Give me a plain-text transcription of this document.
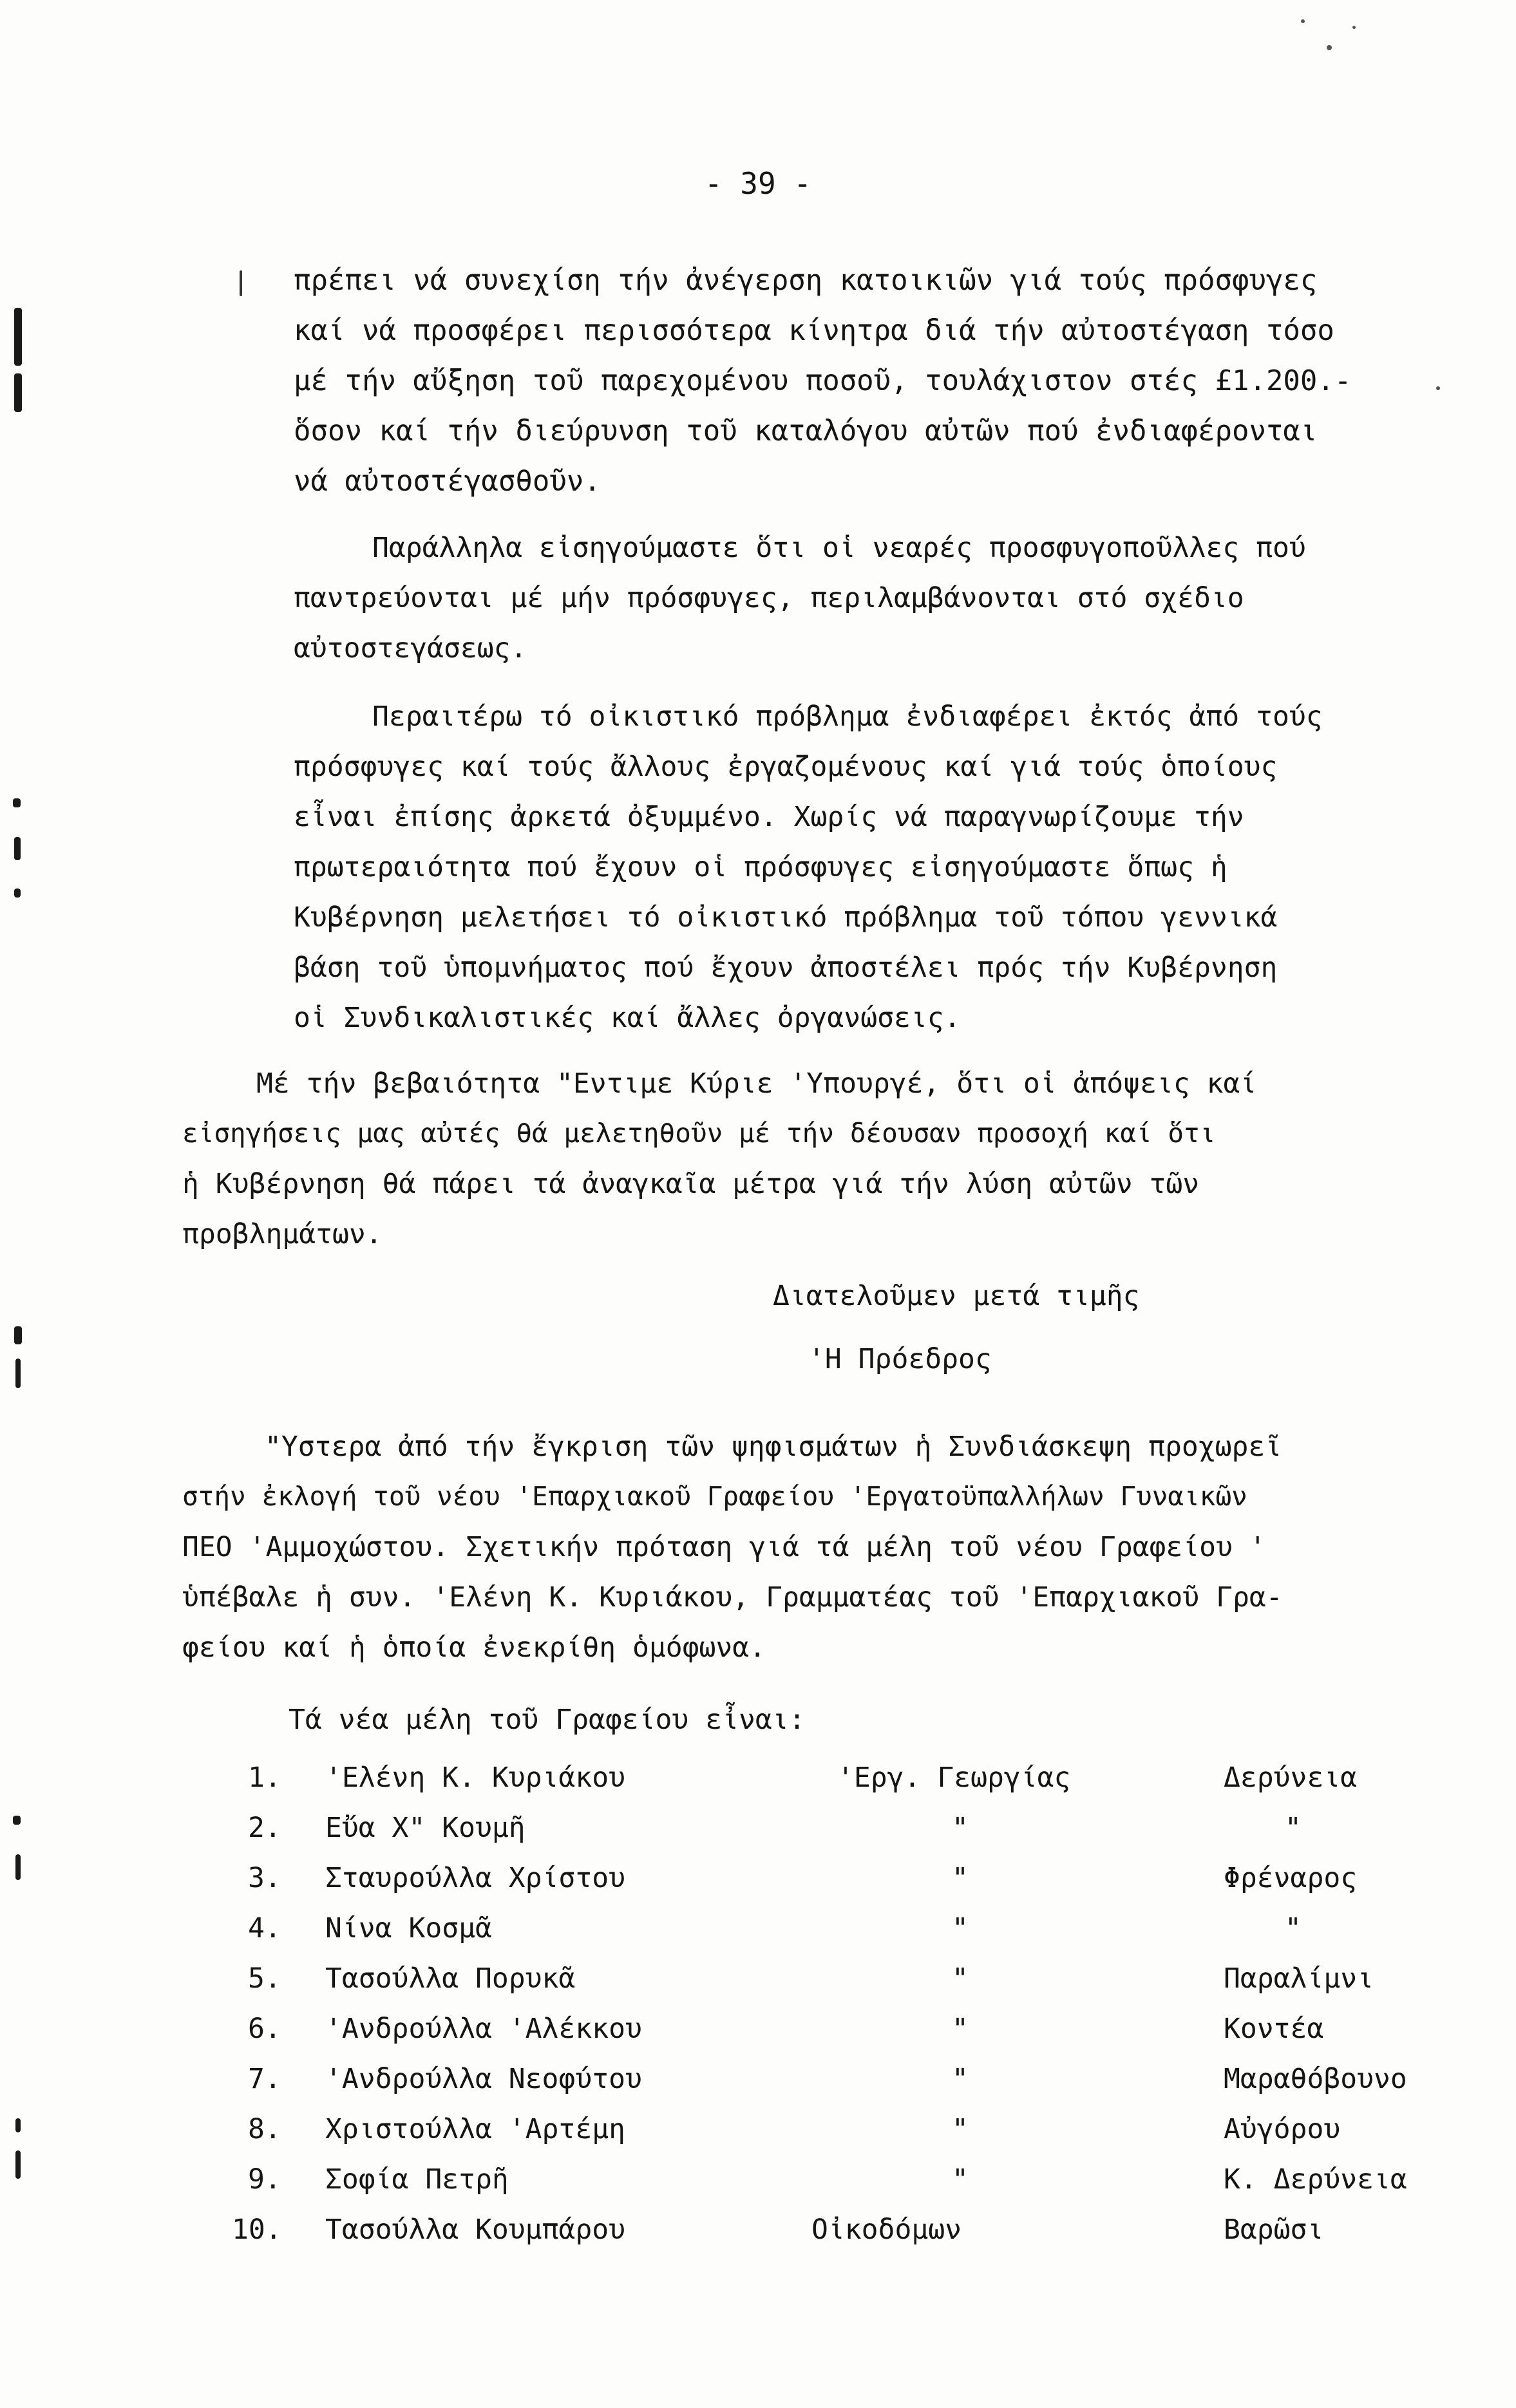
- 39 -
πρέπει νά συνεχίση τήν ἀνέγερση κατοικιῶν γιά τούς πρόσφυγες
καί νά προσφέρει περισσότερα κίνητρα διά τήν αὐτοστέγαση τόσο
μέ τήν αὔξηση τοῦ παρεχομένου ποσοῦ, τουλάχιστον στές £1.200.-
ὅσον καί τήν διεύρυνση τοῦ καταλόγου αὐτῶν πού ἐνδιαφέρονται
νά αὐτοστέγασθοῦν.
Παράλληλα εἰσηγούμαστε ὅτι οἱ νεαρές προσφυγοποῦλλες πού
παντρεύονται μέ μήν πρόσφυγες, περιλαμβάνονται στό σχέδιο
αὐτοστεγάσεως.
Περαιτέρω τό οἰκιστικό πρόβλημα ἐνδιαφέρει ἐκτός ἀπό τούς
πρόσφυγες καί τούς ἄλλους ἐργαζομένους καί γιά τούς ὁποίους
εἶναι ἐπίσης ἀρκετά ὀξυμμένο. Χωρίς νά παραγνωρίζουμε τήν
πρωτεραιότητα πού ἔχουν οἱ πρόσφυγες εἰσηγούμαστε ὅπως ἡ
Κυβέρνηση μελετήσει τό οἰκιστικό πρόβλημα τοῦ τόπου γεννικά
βάση τοῦ ὑπομνήματος πού ἔχουν ἀποστέλει πρός τήν Κυβέρνηση
οἱ Συνδικαλιστικές καί ἄλλες ὀργανώσεις.
Μέ τήν βεβαιότητα "Εντιμε Κύριε 'Υπουργέ, ὅτι οἱ ἀπόψεις καί
εἰσηγήσεις μας αὐτές θά μελετηθοῦν μέ τήν δέουσαν προσοχή καί ὅτι
ἡ Κυβέρνηση θά πάρει τά ἀναγκαῖα μέτρα γιά τήν λύση αὐτῶν τῶν
προβλημάτων.
Διατελοῦμεν μετά τιμῆς
'Η Πρόεδρος
"Υστερα ἀπό τήν ἔγκριση τῶν ψηφισμάτων ἡ Συνδιάσκεψη προχωρεῖ
στήν ἐκλογή τοῦ νέου 'Επαρχιακοῦ Γραφείου 'Εργατοϋπαλλήλων Γυναικῶν
ΠΕΟ 'Αμμοχώστου. Σχετικήν πρόταση γιά τά μέλη τοῦ νέου Γραφείου '
ὑπέβαλε ἡ συν. 'Ελένη Κ. Κυριάκου, Γραμματέας τοῦ 'Επαρχιακοῦ Γρα-
φείου καί ἡ ὁποία ἐνεκρίθη ὁμόφωνα.
Τά νέα μέλη τοῦ Γραφείου εἶναι:
1. 'Ελένη Κ. Κυριάκου	'Εργ. Γεωργίας	Δερύνεια
2. Εὔα Χ" Κουμῆ	"	"
3. Σταυρούλλα Χρίστου	"	Φρέναρος
4. Νίνα Κοσμᾶ	"	"
5. Τασούλλα Πορυκᾶ	"	Παραλίμνι
6. 'Ανδρούλλα 'Αλέκκου	"	Κοντέα
7. 'Ανδρούλλα Νεοφύτου	"	Μαραθόβουνο
8. Χριστούλλα 'Αρτέμη	"	Αὐγόρου
9. Σοφία Πετρῆ	"	Κ. Δερύνεια
10. Τασούλλα Κουμπάρου	Οἰκοδόμων	Βαρῶσι
